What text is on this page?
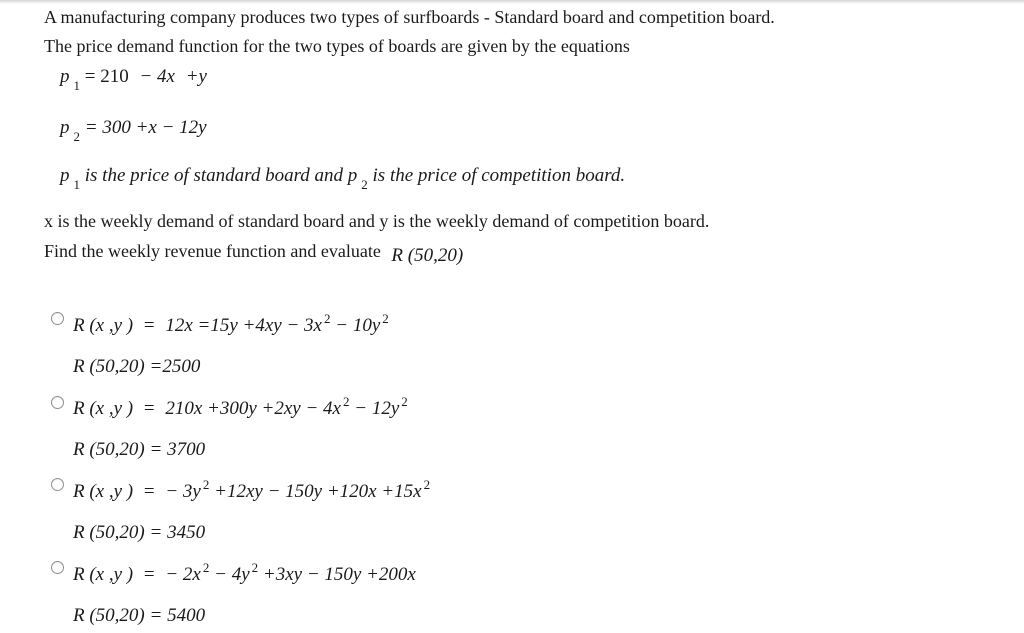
A manufacturing company produces two types of surfboards - Standard board and competition board.
The price demand function for the two types of boards are given by the equations
p $_1$ = 210 − 4x +y
p $_2$ = 300 +x − 12y
p $_1$ is the price of standard board and p $_2$ is the price of competition board.
x is the weekly demand of standard board and y is the weekly demand of competition board.
Find the weekly revenue function and evaluate R (50,20)
R (x ,y ) = 12x =15y +4xy − 3x $^2$ − 10y $^2$
R (50,20) =2500
R (x ,y ) = 210x +300y +2xy − 4x $^2$ − 12y $^2$
R (50,20) = 3700
R (x ,y ) = − 3y $^2$ +12xy − 150y +120x +15x $^2$
R (50,20) = 3450
R (x ,y ) = − 2x $^2$ − 4y $^2$ +3xy − 150y +200x
R (50,20) = 5400
